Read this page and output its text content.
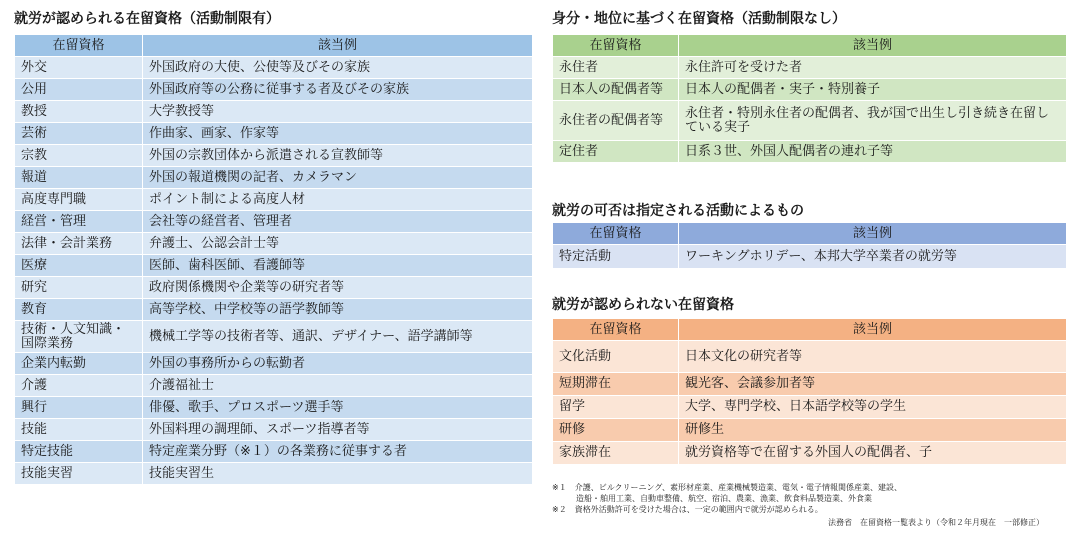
就労が認められる在留資格（活動制限有）
在留資格	該当例
外交	外国政府の大使、公使等及びその家族
公用	外国政府等の公務に従事する者及びその家族
教授	大学教授等
芸術	作曲家、画家、作家等
宗教	外国の宗教団体から派遣される宣教師等
報道	外国の報道機関の記者、カメラマン
高度専門職	ポイント制による高度人材
経営・管理	会社等の経営者、管理者
法律・会計業務	弁護士、公認会計士等
医療	医師、歯科医師、看護師等
研究	政府関係機関や企業等の研究者等
教育	高等学校、中学校等の語学教師等
技術・人文知識・国際業務	機械工学等の技術者等、通訳、デザイナー、語学講師等
企業内転勤	外国の事務所からの転勤者
介護	介護福祉士
興行	俳優、歌手、プロスポーツ選手等
技能	外国料理の調理師、スポーツ指導者等
特定技能	特定産業分野（※１）の各業務に従事する者
技能実習	技能実習生
身分・地位に基づく在留資格（活動制限なし）
在留資格	該当例
永住者	永住許可を受けた者
日本人の配偶者等	日本人の配偶者・実子・特別養子
永住者の配偶者等	永住者・特別永住者の配偶者、我が国で出生し引き続き在留している実子
定住者	日系３世、外国人配偶者の連れ子等
就労の可否は指定される活動によるもの
在留資格	該当例
特定活動	ワーキングホリデー、本邦大学卒業者の就労等
就労が認められない在留資格
在留資格	該当例
文化活動	日本文化の研究者等
短期滞在	観光客、会議参加者等
留学	大学、専門学校、日本語学校等の学生
研修	研修生
家族滞在	就労資格等で在留する外国人の配偶者、子
※１　介護、ビルクリーニング、素形材産業、産業機械製造業、電気・電子情報関係産業、建設、
　　　造船・舶用工業、自動車整備、航空、宿泊、農業、漁業、飲食料品製造業、外食業
※２　資格外活動許可を受けた場合は、一定の範囲内で就労が認められる。
法務省　在留資格一覧表より（令和２年月現在　一部修正）
